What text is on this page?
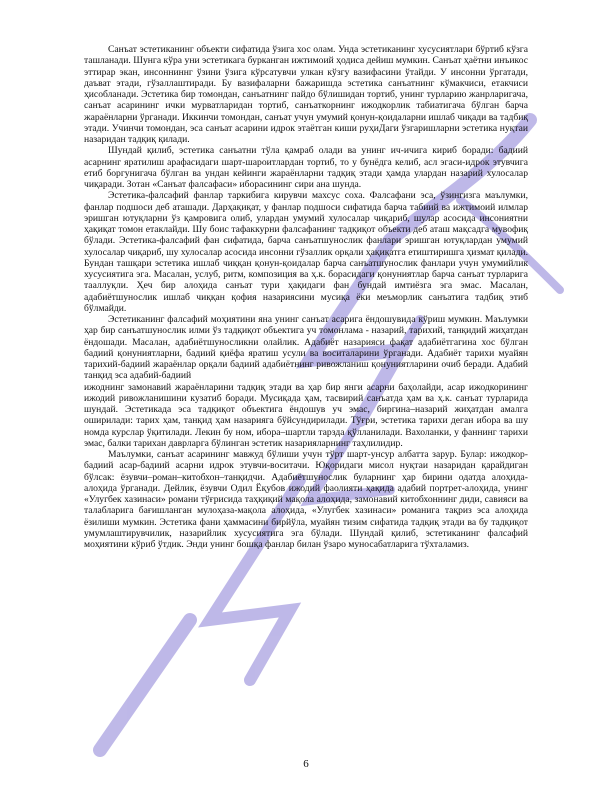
Санъат эстетиканинг объекти сифатида ўзига хос олам. Унда эстетиканинг хусусиятлари бўртиб кўзга ташланади. Шунга кўра уни эстетикага бурканган ижтимоий ҳодиса дейиш мумкин. Санъат ҳаётни инъикос эттирар экан, инсонниннг ўзини ўзига кўрсатувчи улкан кўзгу вазифасини ўтайди. У инсонни ўргатади, даъват этади, гўзаллаштиради. Бу вазифаларни бажаришда эстетика санъатнинг кўмакчиси, етакчиси ҳисобланади. Эстетика бир томондан, санъатнинг пайдо бўлишидан тортиб, унинг турларию жанрларигача, санъат асарининг ички мурватларидан тортиб, санъаткорнинг ижодкорлик табиатигача бўлган барча жараёнларни ўрганади. Иккинчи томондан, санъат учун умумий қонун-қоидаларни ишлаб чиқади ва тадбиқ этади. Учинчи томондан, эса санъат асарини идрок этаётган киши руҳиДаги ўзгаришларни эстетика нуқтаи назаридан тадқиқ қилади.

Шундай қилиб, эстетика санъатни тўла қамраб олади ва унинг ич-ичига кириб боради: бадиий асарнинг яратилиш арафасидаги шарт-шароитлардан тортиб, то у бунёдга келиб, асл эгаси-идрок этувчига етиб боргунигача бўлган ва ундан кейинги жараёнларни тадқиқ этади ҳамда улардан назарий хулосалар чиқаради. Зотан «Санъат фалсафаси» иборасининг сири ана шунда.

Эстетика-фалсафий фанлар таркибига кирувчи махсус соха. Фалсафани эса, ўзингизга маълумки, фанлар подшоси деб аташади. Дарҳақиқат, у фанлар подшоси сифатида барча табиий ва ижтимоий илмлар эришган ютуқларни ўз қамровига олиб, улардан умумий хулосалар чиқариб, шулар асосида инсониятни ҳақиқат томон етаклайди. Шу боис тафаккурни фалсафанинг тадқиқот объекти деб аташ мақсадга мувофиқ бўлади. Эстетика-фалсафий фан сифатида, барча санъатшунослик фанлари эришган ютуқлардан умумий хулосалар чиқариб, шу хулосалар асосида инсонни гўзаллик орқали ҳақиқатга етиштиришга ҳизмат қилади. Бундан ташқари эстетика ишлаб чиққан қонун-қоидалар барча санъатшунослик фанлари учун умумийлик хусусиятига эга. Масалан, услуб, ритм, композиция ва ҳ.к. борасидаги қонуниятлар барча санъат турларига тааллуқли. Ҳеч бир алоҳида санъат тури ҳақидаги фан бундай имтиёзга эга эмас. Масалан, адабиётшунослик ишлаб чиққан қофия назариясини мусиқа ёки меъморлик санъатига тадбиқ этиб бўлмайди.

Эстетиканинг фалсафий моҳиятини яна унинг санъат асарига ёндошувида кўриш мумкин. Маълумки ҳар бир санъатшунослик илми ўз тадқиқот объектига уч томонлама - назарий, тарихий, танқидий жиҳатдан ёндошади. Масалан, адабиётшуносликни олайлик. Адабиёт назарияси фақат адабиётгагина хос бўлган бадиий қонуниятларни, бадиий қиёфа яратиш усули ва воситаларини ўрганади. Адабиёт тарихи муайян тарихий-бадиий жараёнлар орқали бадиий адабиётнинг ривожланиш қонуниятларини очиб беради. Адабий танқид эса адабий-бадиий

ижоднинг замонавий жараёнларини тадқиқ этади ва ҳар бир янги асарни баҳолайди, асар ижодкорининг ижодий ривожланишини кузатиб боради. Мусиқада ҳам, тасвирий санъатда ҳам ва ҳ.к. санъат турларида шундай. Эстетикада эса тадқиқот объектига ёндошув уч эмас, биргина–назарий жиҳатдан амалга оширилади: тарих ҳам, танқид ҳам назарияга бўйсундирилади. Тўғри, эстетика тарихи деган ибора ва шу номда курслар ўқитилади. Лекин бу ном, ибора–шартли тарзда қўлланилади. Вахоланки, у фаннинг тарихи эмас, балки тарихан даврларга бўлинган эстетик назарияларнинг таҳлилидир.

Маълумки, санъат асарининг мавжуд бўлиши учун тўрт шарт-унсур албатта зарур. Булар: ижодкор-бадиий асар-бадиий асарни идрок этувчи-воситачи. Юқоридаги мисол нуқтаи назаридан қарайдиган бўлсак: ёзувчи–роман–китобхон–танқидчи. Адабиётшунослик буларнинг ҳар бирини одатда алоҳида-алоҳида ўрганади. Дейлик, ёзувчи Одил Ёқубов ижодий фаолияти ҳақида адабий портрет-алоҳида, унинг «Улугбек хазинаси» романи тўғрисида таҳқиқий мақола алоҳида, замонавий китобхоннинг диди, савияси ва талабларига бағишланган мулоҳаза-мақола алоҳида, «Улугбек хазинаси» романига тақриз эса алоҳида ёзилиши мумкин. Эстетика фани ҳаммасини бирйўла, муайян тизим сифатида тадқиқ этади ва бу тадқиқот умумлаштирувчилик, назарийлик хусусиятига эга бўлади. Шундай қилиб, эстетиканинг фалсафий моҳиятини кўриб ўтдик. Энди унинг бошқа фанлар билан ўзаро муносабатларига тўхталамиз.

6
